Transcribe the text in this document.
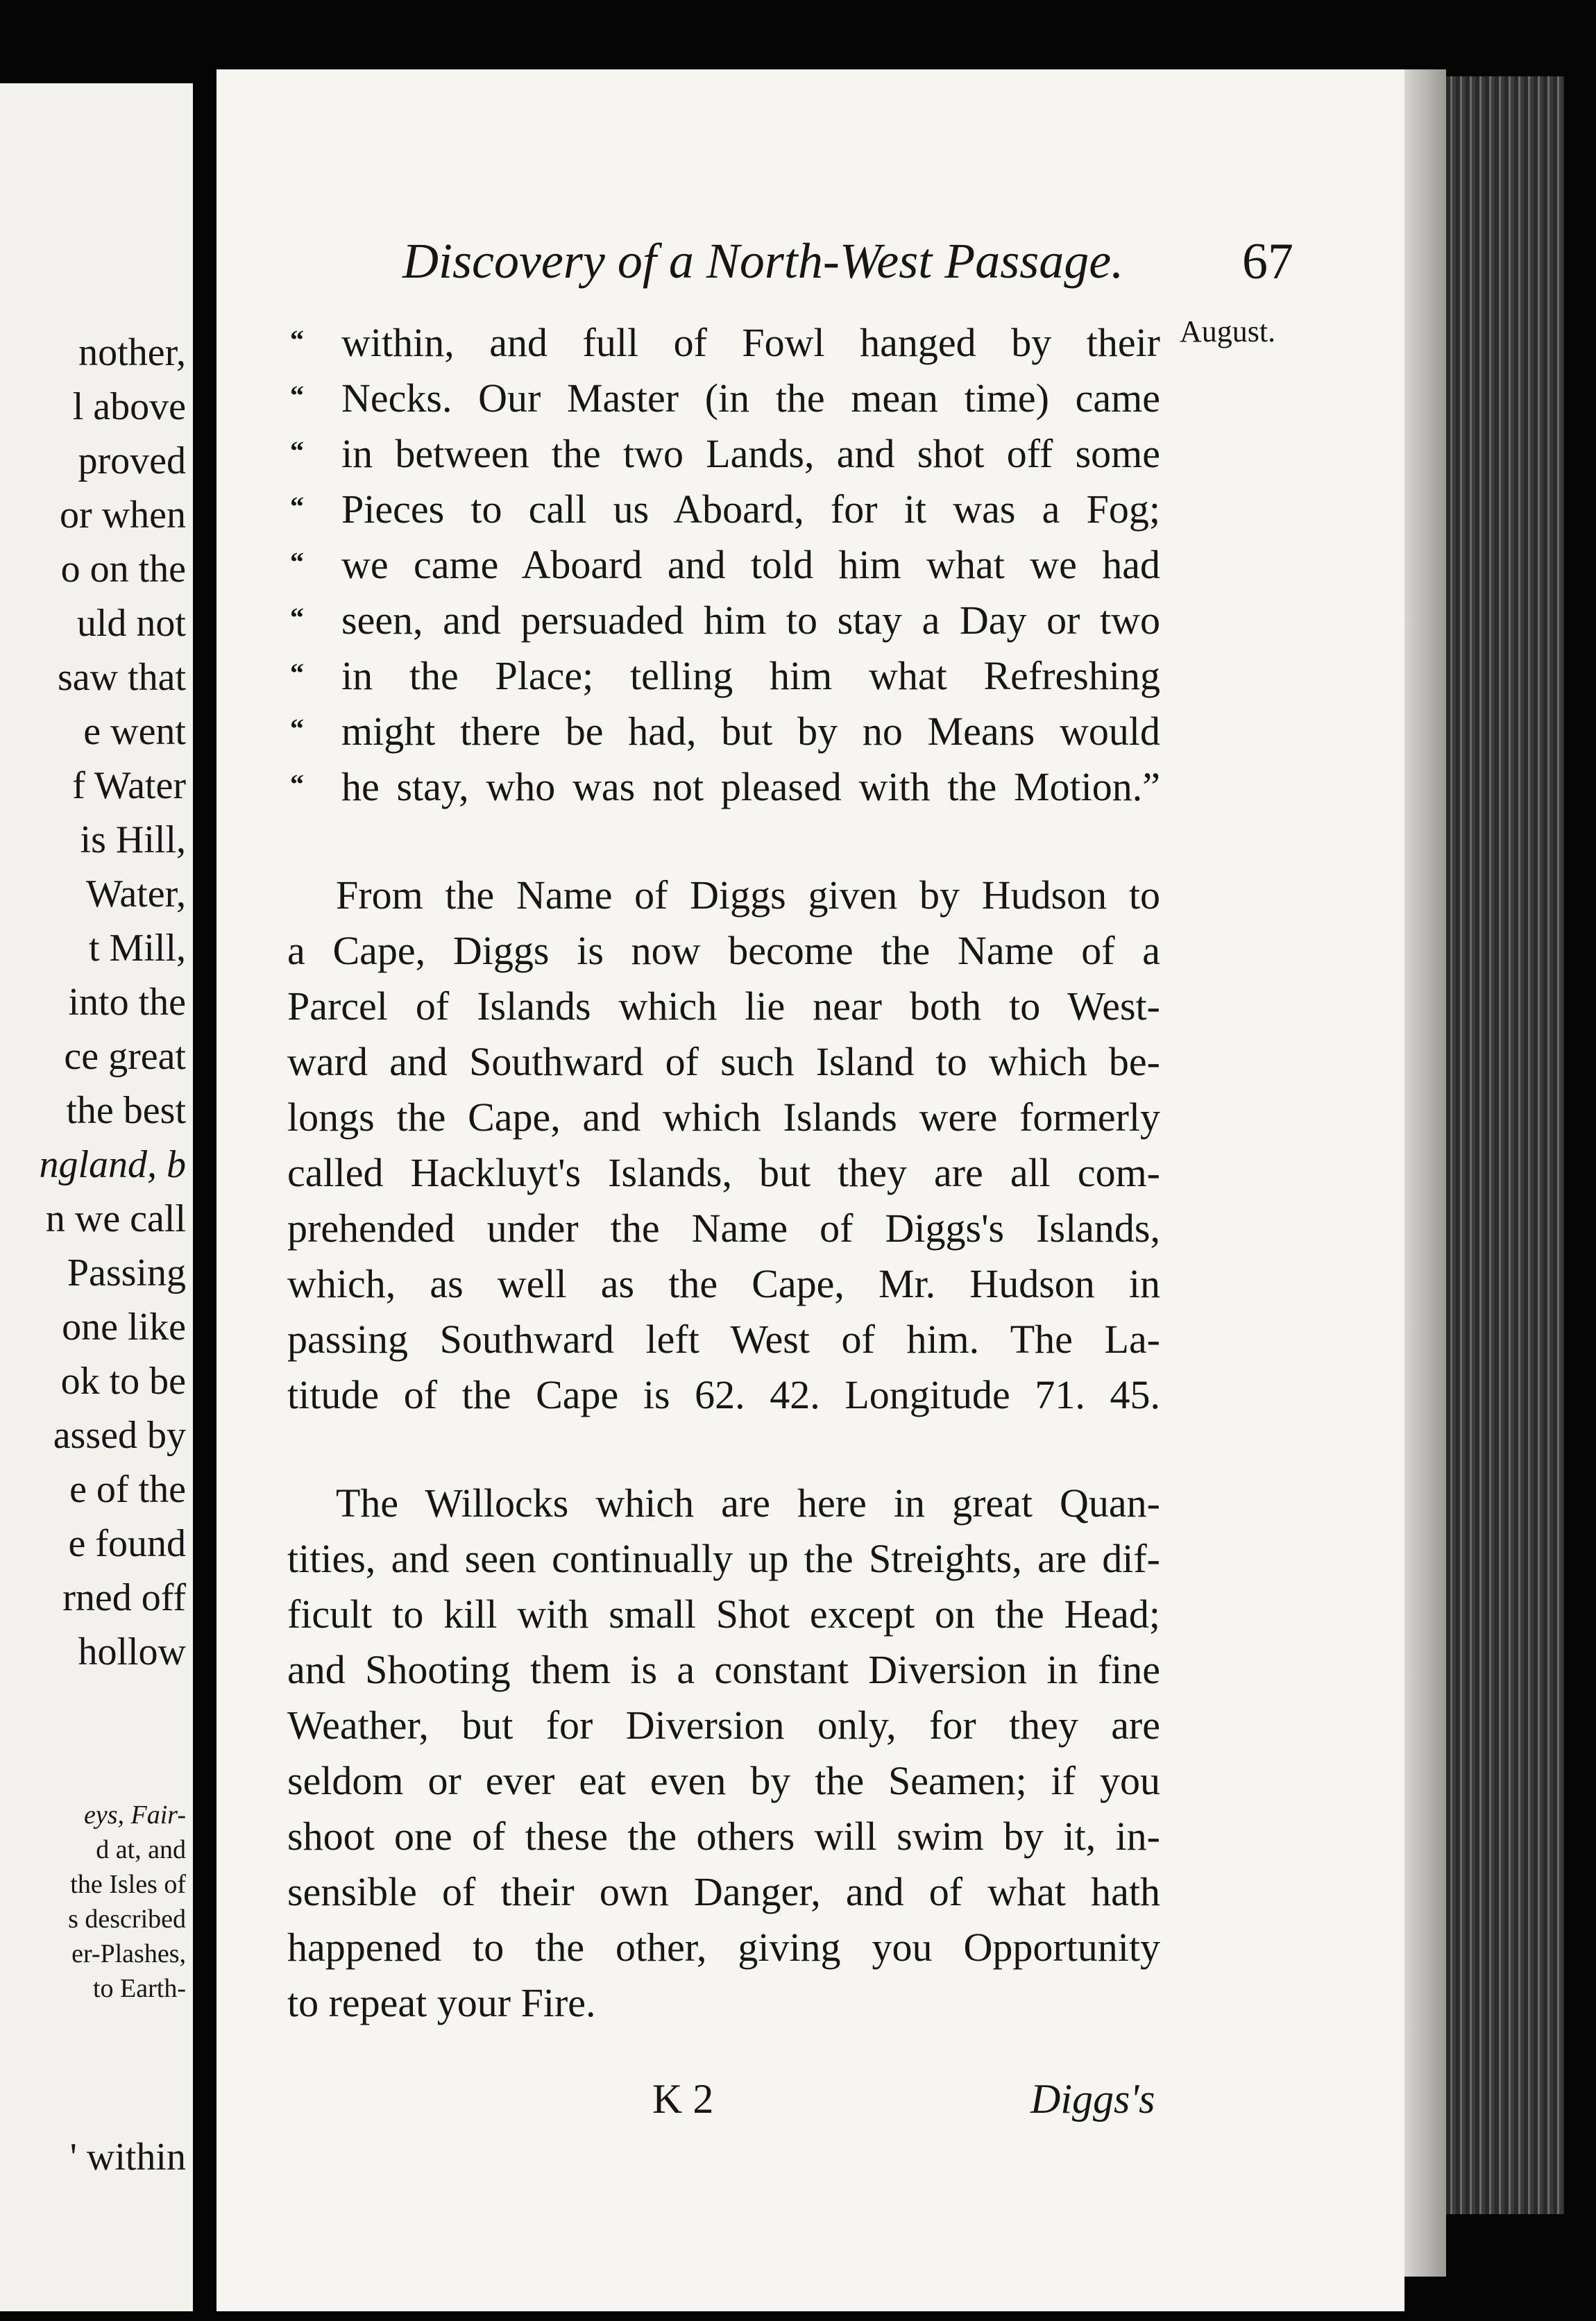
nother,
l above
proved
or when
o on the
uld not
saw that
e went
f Water
is Hill,
Water,
t Mill,
into the
ce great
the best
ngland, b
n we call
Passing
one like
ok to be
assed by
e of the
e found
rned off
hollow
eys, Fair-
d at, and
the Isles of
s described
er-Plashes,
to Earth-
' within
Discovery of a North-West Passage. 67
August.
“
“
“
“
“
“
“
“
“
within, and full of Fowl hanged by their
Necks. Our Master (in the mean time) came
in between the two Lands, and shot off some
Pieces to call us Aboard, for it was a Fog;
we came Aboard and told him what we had
seen, and persuaded him to stay a Day or two
in the Place; telling him what Refreshing
might there be had, but by no Means would
he stay, who was not pleased with the Motion.”
From the Name of Diggs given by Hudson to
a Cape, Diggs is now become the Name of a
Parcel of Islands which lie near both to West-
ward and Southward of such Island to which be-
longs the Cape, and which Islands were formerly
called Hackluyt's Islands, but they are all com-
prehended under the Name of Diggs's Islands,
which, as well as the Cape, Mr. Hudson in
passing Southward left West of him. The La-
titude of the Cape is 62. 42. Longitude 71. 45.
The Willocks which are here in great Quan-
tities, and seen continually up the Streights, are dif-
ficult to kill with small Shot except on the Head;
and Shooting them is a constant Diversion in fine
Weather, but for Diversion only, for they are
seldom or ever eat even by the Seamen; if you
shoot one of these the others will swim by it, in-
sensible of their own Danger, and of what hath
happened to the other, giving you Opportunity
to repeat your Fire.
K 2	Diggs's
